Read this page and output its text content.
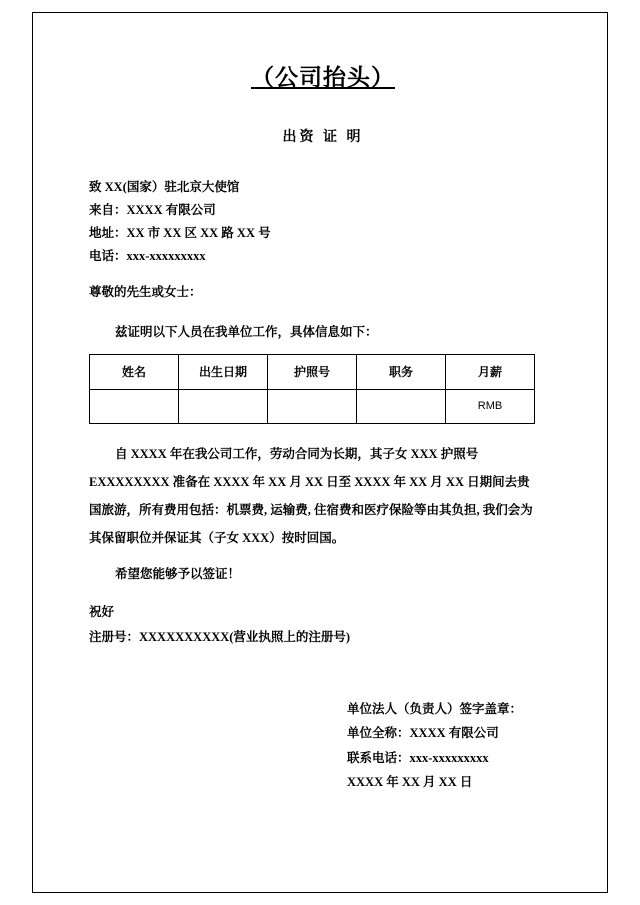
（公司抬头）
出资 证 明
致 XX(国家）驻北京大使馆
来自：XXXX 有限公司
地址：XX 市 XX 区 XX 路 XX 号
电话：xxx-xxxxxxxxx
尊敬的先生或女士：
兹证明以下人员在我单位工作，具体信息如下：
姓名	出生日期	护照号	职务	月薪
				RMB
自 XXXX 年在我公司工作，劳动合同为长期，其子女 XXX 护照号 EXXXXXXXX 准备在 XXXX 年 XX 月 XX 日至 XXXX 年 XX 月 XX 日期间去贵国旅游，所有费用包括：机票费, 运输费, 住宿费和医疗保险等由其负担, 我们会为其保留职位并保证其（子女 XXX）按时回国。
希望您能够予以签证！
祝好
注册号：XXXXXXXXXX(营业执照上的注册号)
单位法人（负责人）签字盖章：
单位全称：XXXX 有限公司
联系电话：xxx-xxxxxxxxx
XXXX 年 XX 月 XX 日
